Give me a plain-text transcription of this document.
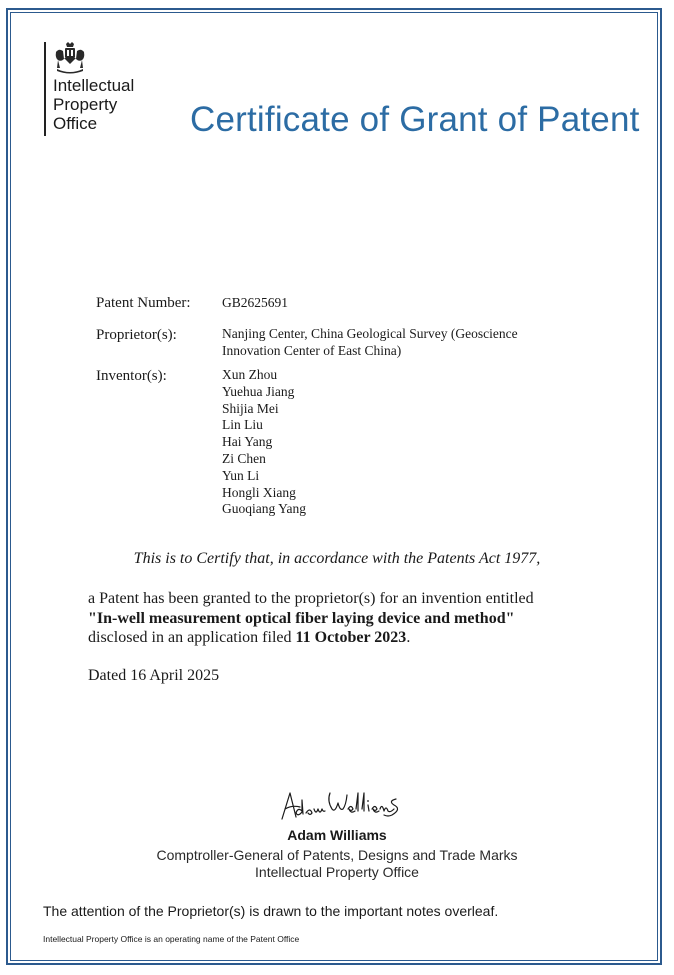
Intellectual
Property
Office	Certificate of Grant of Patent
Patent Number: GB2625691
Proprietor(s):	Nanjing Center, China Geological Survey (Geoscience
Innovation Center of East China)
Inventor(s):	Xun Zhou
Yuehua Jiang
Shijia Mei
Lin Liu
Hai Yang
Zi Chen
Yun Li
Hongli Xiang
Guoqiang Yang
This is to Certify that, in accordance with the Patents Act 1977,
a Patent has been granted to the proprietor(s) for an invention entitled
"In-well measurement optical fiber laying device and method"
disclosed in an application filed 11 October 2023.
Dated 16 April 2025
Adam Williams
Comptroller-General of Patents, Designs and Trade Marks
Intellectual Property Office
The attention of the Proprietor(s) is drawn to the important notes overleaf.
Intellectual Property Office is an operating name of the Patent Office
